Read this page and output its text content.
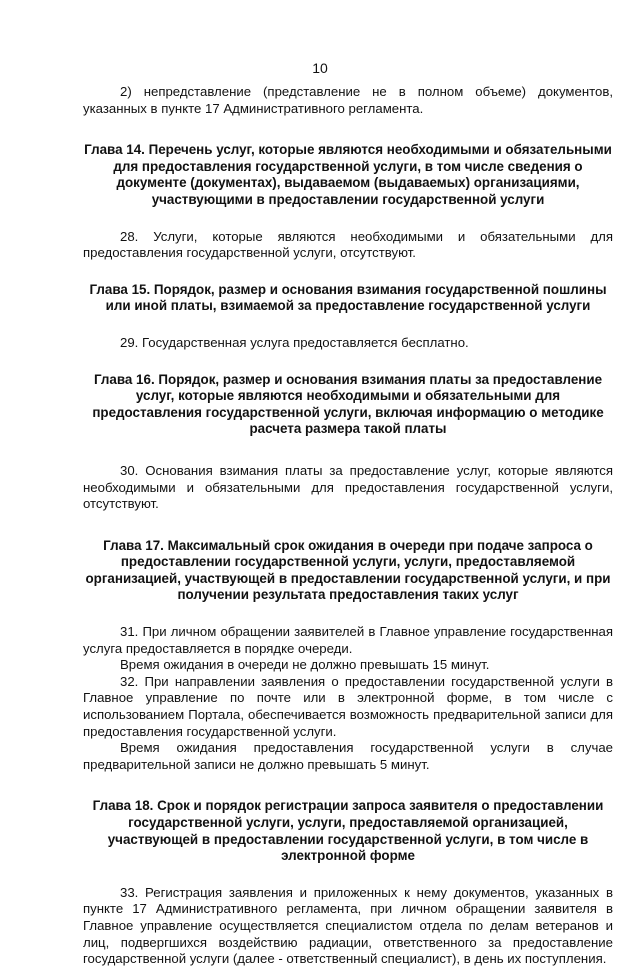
10

2) непредставление (представление не в полном объеме) документов, указанных в пункте 17 Административного регламента.

Глава 14. Перечень услуг, которые являются необходимыми и обязательными для предоставления государственной услуги, в том числе сведения о документе (документах), выдаваемом (выдаваемых) организациями, участвующими в предоставлении государственной услуги

28. Услуги, которые являются необходимыми и обязательными для предоставления государственной услуги, отсутствуют.

Глава 15. Порядок, размер и основания взимания государственной пошлины или иной платы, взимаемой за предоставление государственной услуги

29. Государственная услуга предоставляется бесплатно.

Глава 16. Порядок, размер и основания взимания платы за предоставление услуг, которые являются необходимыми и обязательными для предоставления государственной услуги, включая информацию о методике расчета размера такой платы

30. Основания взимания платы за предоставление услуг, которые являются необходимыми и обязательными для предоставления государственной услуги, отсутствуют.

Глава 17. Максимальный срок ожидания в очереди при подаче запроса о предоставлении государственной услуги, услуги, предоставляемой организацией, участвующей в предоставлении государственной услуги, и при получении результата предоставления таких услуг

31. При личном обращении заявителей в Главное управление государственная услуга предоставляется в порядке очереди.

Время ожидания в очереди не должно превышать 15 минут.

32. При направлении заявления о предоставлении государственной услуги в Главное управление по почте или в электронной форме, в том числе с использованием Портала, обеспечивается возможность предварительной записи для предоставления государственной услуги.

Время ожидания предоставления государственной услуги в случае предварительной записи не должно превышать 5 минут.

Глава 18. Срок и порядок регистрации запроса заявителя о предоставлении государственной услуги, услуги, предоставляемой организацией, участвующей в предоставлении государственной услуги, в том числе в электронной форме

33. Регистрация заявления и приложенных к нему документов, указанных в пункте 17 Административного регламента, при личном обращении заявителя в Главное управление осуществляется специалистом отдела по делам ветеранов и лиц, подвергшихся воздействию радиации, ответственного за предоставление государственной услуги (далее - ответственный специалист), в день их поступления.
